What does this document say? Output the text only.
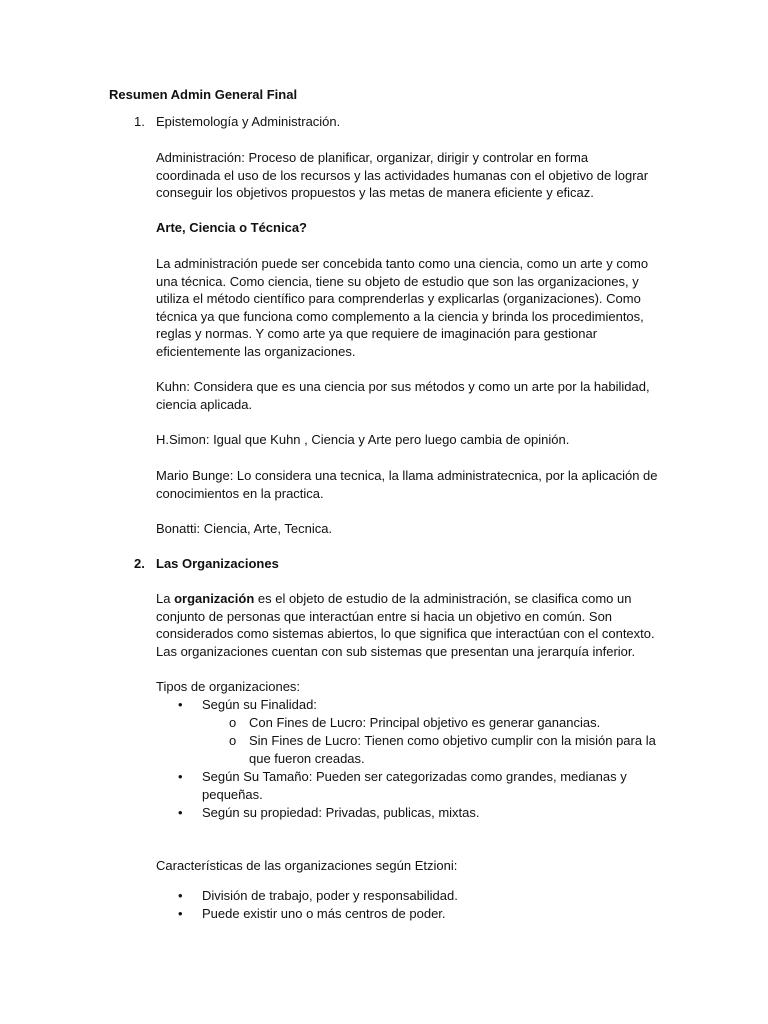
Resumen Admin General Final
1. Epistemología y Administración.
Administración: Proceso de planificar, organizar, dirigir y controlar en forma
coordinada el uso de los recursos y las actividades humanas con el objetivo de lograr
conseguir los objetivos propuestos y las metas de manera eficiente y eficaz.
Arte, Ciencia o Técnica?
La administración puede ser concebida tanto como una ciencia, como un arte y como
una técnica. Como ciencia, tiene su objeto de estudio que son las organizaciones, y
utiliza el método científico para comprenderlas y explicarlas (organizaciones). Como
técnica ya que funciona como complemento a la ciencia y brinda los procedimientos,
reglas y normas. Y como arte ya que requiere de imaginación para gestionar
eficientemente las organizaciones.
Kuhn: Considera que es una ciencia por sus métodos y como un arte por la habilidad,
ciencia aplicada.
H.Simon: Igual que Kuhn , Ciencia y Arte pero luego cambia de opinión.
Mario Bunge: Lo considera una tecnica, la llama administratecnica, por la aplicación de
conocimientos en la practica.
Bonatti: Ciencia, Arte, Tecnica.
2. Las Organizaciones
La organización es el objeto de estudio de la administración, se clasifica como un
conjunto de personas que interactúan entre si hacia un objetivo en común. Son
considerados como sistemas abiertos, lo que significa que interactúan con el contexto.
Las organizaciones cuentan con sub sistemas que presentan una jerarquía inferior.
Tipos de organizaciones:
• Según su Finalidad:
o Con Fines de Lucro: Principal objetivo es generar ganancias.
o Sin Fines de Lucro: Tienen como objetivo cumplir con la misión para la
que fueron creadas.
• Según Su Tamaño: Pueden ser categorizadas como grandes, medianas y
pequeñas.
• Según su propiedad: Privadas, publicas, mixtas.
Características de las organizaciones según Etzioni:
• División de trabajo, poder y responsabilidad.
• Puede existir uno o más centros de poder.
